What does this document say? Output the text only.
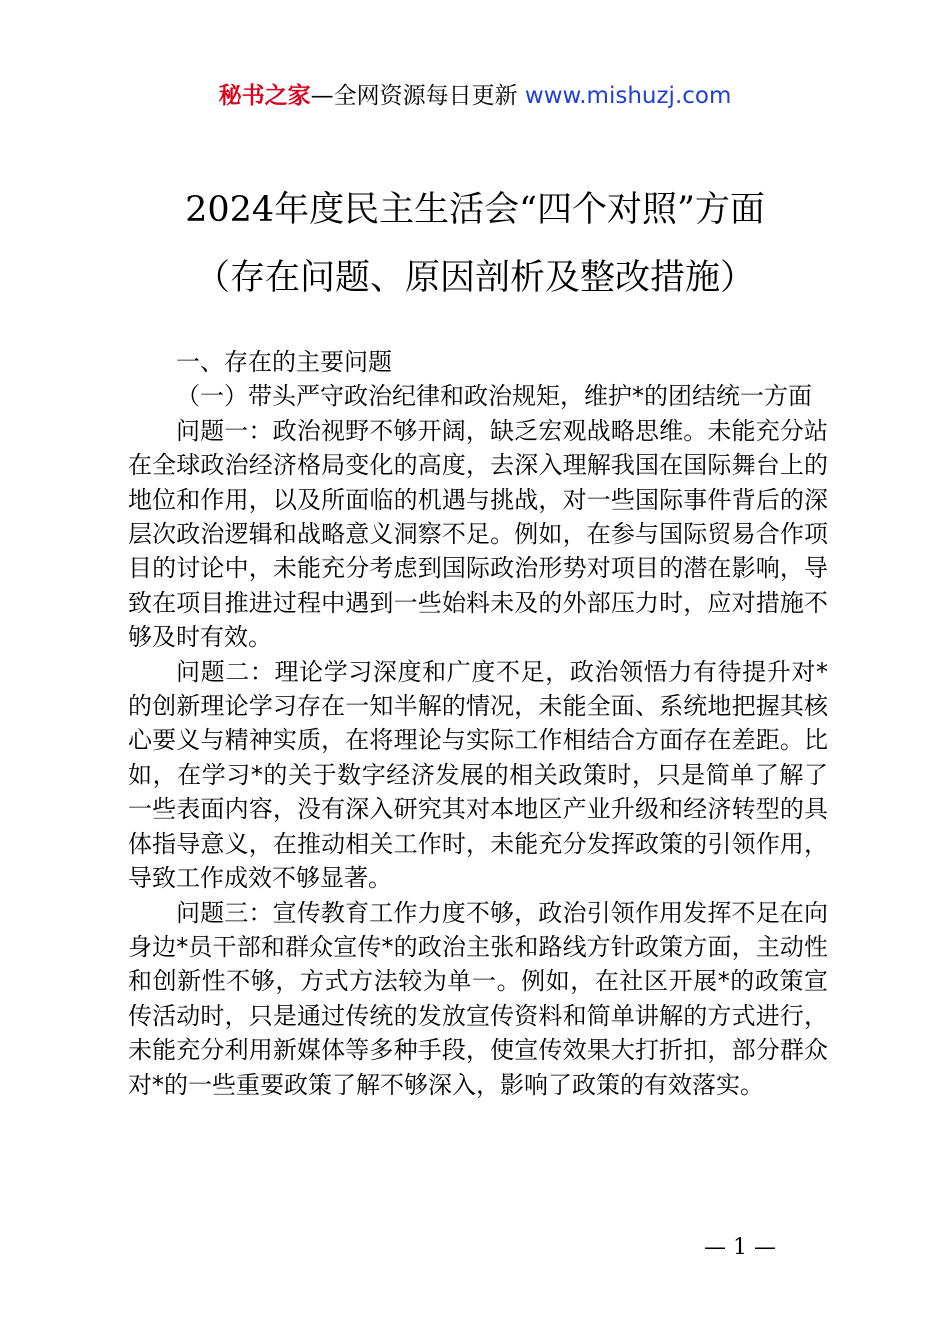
秘书之家—全网资源每日更新 www.mishuzj.com
2024年度民主生活会“四个对照”方面
（存在问题、原因剖析及整改措施）

一、存在的主要问题

（一）带头严守政治纪律和政治规矩，维护*的团结统一方面

问题一：政治视野不够开阔，缺乏宏观战略思维。未能充分站在全球政治经济格局变化的高度，去深入理解我国在国际舞台上的地位和作用，以及所面临的机遇与挑战，对一些国际事件背后的深层次政治逻辑和战略意义洞察不足。例如，在参与国际贸易合作项目的讨论中，未能充分考虑到国际政治形势对项目的潜在影响，导致在项目推进过程中遇到一些始料未及的外部压力时，应对措施不够及时有效。

问题二：理论学习深度和广度不足，政治领悟力有待提升对*的创新理论学习存在一知半解的情况，未能全面、系统地把握其核心要义与精神实质，在将理论与实际工作相结合方面存在差距。比如，在学习*的关于数字经济发展的相关政策时，只是简单了解了一些表面内容，没有深入研究其对本地区产业升级和经济转型的具体指导意义，在推动相关工作时，未能充分发挥政策的引领作用，导致工作成效不够显著。

问题三：宣传教育工作力度不够，政治引领作用发挥不足在向身边*员干部和群众宣传*的政治主张和路线方针政策方面，主动性和创新性不够，方式方法较为单一。例如，在社区开展*的政策宣传活动时，只是通过传统的发放宣传资料和简单讲解的方式进行，未能充分利用新媒体等多种手段，使宣传效果大打折扣，部分群众对*的一些重要政策了解不够深入，影响了政策的有效落实。

— 1 —
